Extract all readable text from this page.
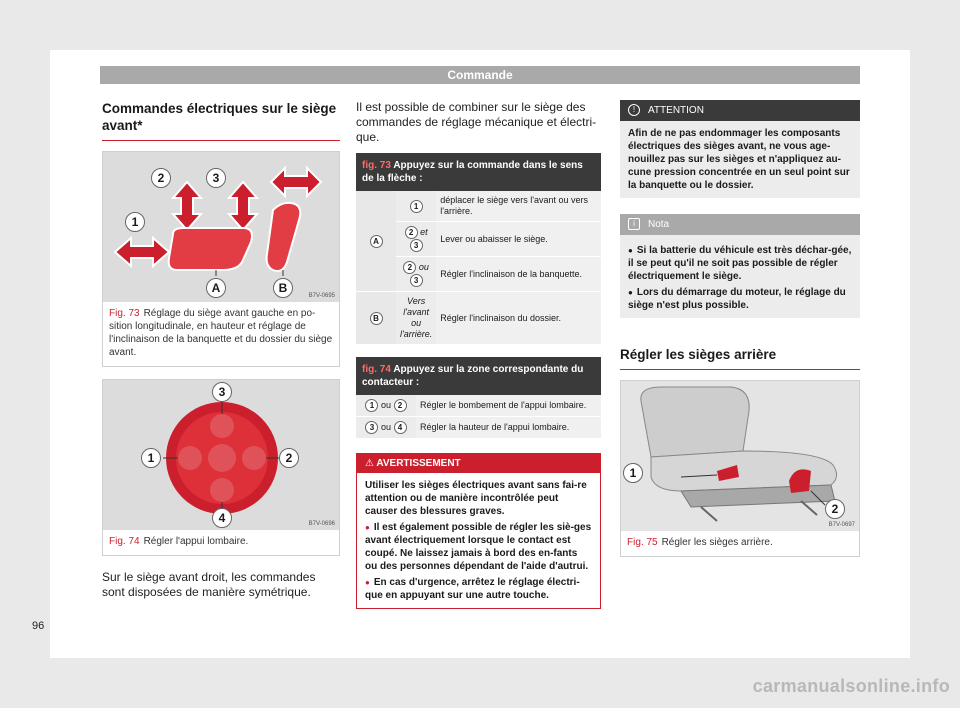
Commande
Commandes électriques sur le siège avant*
1
2	3
A	B
B7V-0695
Fig. 73 Réglage du siège avant gauche en po-sition longitudinale, en hauteur et réglage de l'inclinaison de la banquette et du dossier du siège avant.
3
1	2
4	B7V-0696
Fig. 74 Régler l'appui lombaire.

Sur le siège avant droit, les commandes sont disposées de manière symétrique.

Il est possible de combiner sur le siège des commandes de réglage mécanique et électri-que.

fig. 73 Appuyez sur la commande dans le sens de la flèche :
A	1	déplacer le siège vers l'avant ou vers l'arrière.
	2 et 3	Lever ou abaisser le siège.
	2 ou 3	Régler l'inclinaison de la banquette.
B	Vers l'avant ou l'arrière.	Régler l'inclinaison du dossier.
fig. 74 Appuyez sur la zone correspondante du contacteur :
1 ou 2	Régler le bombement de l'appui lombaire.
3 ou 4	Régler la hauteur de l'appui lombaire.
⚠ AVERTISSEMENT
Utiliser les sièges électriques avant sans fai-re attention ou de manière incontrôlée peut causer des blessures graves.
● Il est également possible de régler les siè-ges avant électriquement lorsque le contact est coupé. Ne laissez jamais à bord des en-fants ou des personnes dépendant de l'aide d'autrui.
● En cas d'urgence, arrêtez le réglage électri-que en appuyant sur une autre touche.
! ATTENTION
Afin de ne pas endommager les composants électriques des sièges avant, ne vous age-nouillez pas sur les sièges et n'appliquez au-cune pression concentrée en un seul point sur la banquette ou le dossier.
i Nota
● Si la batterie du véhicule est très déchar-gée, il se peut qu'il ne soit pas possible de régler électriquement le siège.
● Lors du démarrage du moteur, le réglage du siège n'est plus possible.
Régler les sièges arrière
1
2
B7V-0697
Fig. 75 Régler les sièges arrière.
96
carmanualsonline.info
